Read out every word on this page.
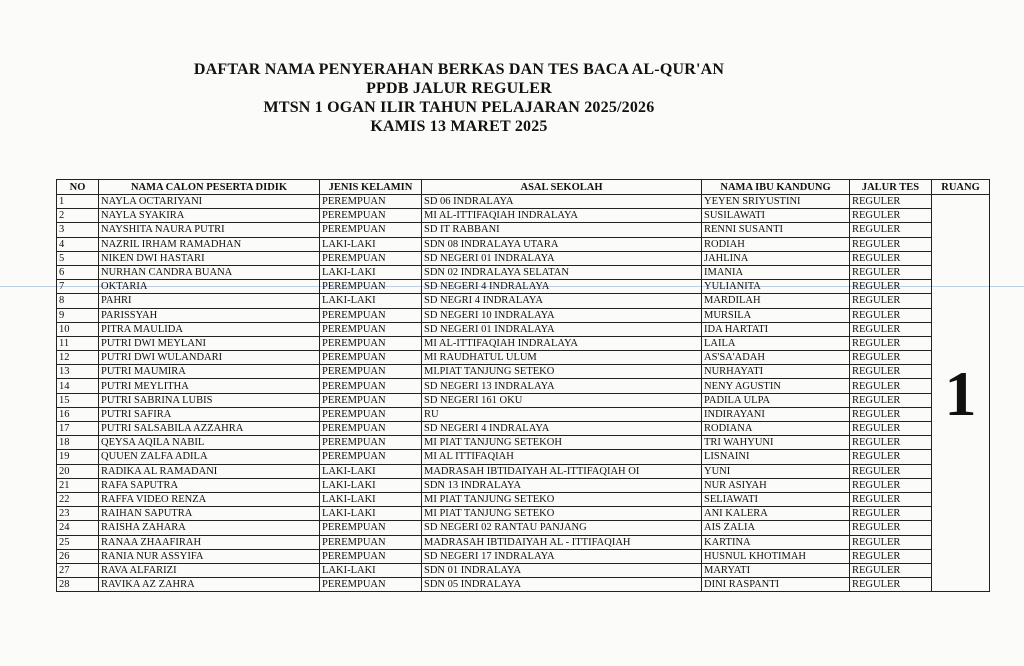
DAFTAR NAMA PENYERAHAN BERKAS DAN TES BACA AL-QUR'AN
PPDB JALUR REGULER
MTSN 1 OGAN ILIR TAHUN PELAJARAN 2025/2026
KAMIS 13 MARET 2025
NO	NAMA CALON PESERTA DIDIK	JENIS KELAMIN	ASAL SEKOLAH	NAMA IBU KANDUNG	JALUR TES	RUANG
1	NAYLA OCTARIYANI	PEREMPUAN	SD 06 INDRALAYA	YEYEN SRIYUSTINI	REGULER	1
2	NAYLA SYAKIRA	PEREMPUAN	MI AL-ITTIFAQIAH INDRALAYA	SUSILAWATI	REGULER	
3	NAYSHITA NAURA PUTRI	PEREMPUAN	SD IT RABBANI	RENNI SUSANTI	REGULER	
4	NAZRIL IRHAM RAMADHAN	LAKI-LAKI	SDN 08 INDRALAYA UTARA	RODIAH	REGULER	
5	NIKEN DWI HASTARI	PEREMPUAN	SD NEGERI 01 INDRALAYA	JAHLINA	REGULER	
6	NURHAN CANDRA BUANA	LAKI-LAKI	SDN 02 INDRALAYA SELATAN	IMANIA	REGULER	
7	OKTARIA	PEREMPUAN	SD NEGERI 4 INDRALAYA	YULIANITA	REGULER	
8	PAHRI	LAKI-LAKI	SD NEGRI 4 INDRALAYA	MARDILAH	REGULER	
9	PARISSYAH	PEREMPUAN	SD NEGERI 10 INDRALAYA	MURSILA	REGULER	
10	PITRA MAULIDA	PEREMPUAN	SD NEGERI 01 INDRALAYA	IDA HARTATI	REGULER	
11	PUTRI DWI MEYLANI	PEREMPUAN	MI AL-ITTIFAQIAH INDRALAYA	LAILA	REGULER	
12	PUTRI DWI WULANDARI	PEREMPUAN	MI RAUDHATUL ULUM	AS'SA'ADAH	REGULER	
13	PUTRI MAUMIRA	PEREMPUAN	MI.PIAT TANJUNG SETEKO	NURHAYATI	REGULER	
14	PUTRI MEYLITHA	PEREMPUAN	SD NEGERI 13 INDRALAYA	NENY AGUSTIN	REGULER	
15	PUTRI SABRINA LUBIS	PEREMPUAN	SD NEGERI 161 OKU	PADILA ULPA	REGULER	
16	PUTRI SAFIRA	PEREMPUAN	RU	INDIRAYANI	REGULER	
17	PUTRI SALSABILA AZZAHRA	PEREMPUAN	SD NEGERI 4 INDRALAYA	RODIANA	REGULER	
18	QEYSA AQILA NABIL	PEREMPUAN	MI PIAT TANJUNG SETEKOH	TRI WAHYUNI	REGULER	
19	QUUEN ZALFA ADILA	PEREMPUAN	MI AL ITTIFAQIAH	LISNAINI	REGULER	
20	RADIKA AL RAMADANI	LAKI-LAKI	MADRASAH IBTIDAIYAH AL-ITTIFAQIAH OI	YUNI	REGULER	
21	RAFA SAPUTRA	LAKI-LAKI	SDN 13 INDRALAYA	NUR ASIYAH	REGULER	
22	RAFFA VIDEO RENZA	LAKI-LAKI	MI PIAT TANJUNG SETEKO	SELIAWATI	REGULER	
23	RAIHAN SAPUTRA	LAKI-LAKI	MI PIAT TANJUNG SETEKO	ANI KALERA	REGULER	
24	RAISHA ZAHARA	PEREMPUAN	SD NEGERI 02 RANTAU PANJANG	AIS ZALIA	REGULER	
25	RANAA ZHAAFIRAH	PEREMPUAN	MADRASAH IBTIDAIYAH AL - ITTIFAQIAH	KARTINA	REGULER	
26	RANIA NUR ASSYIFA	PEREMPUAN	SD NEGERI 17 INDRALAYA	HUSNUL KHOTIMAH	REGULER	
27	RAVA ALFARIZI	LAKI-LAKI	SDN 01 INDRALAYA	MARYATI	REGULER	
28	RAVIKA AZ ZAHRA	PEREMPUAN	SDN 05 INDRALAYA	DINI RASPANTI	REGULER	
